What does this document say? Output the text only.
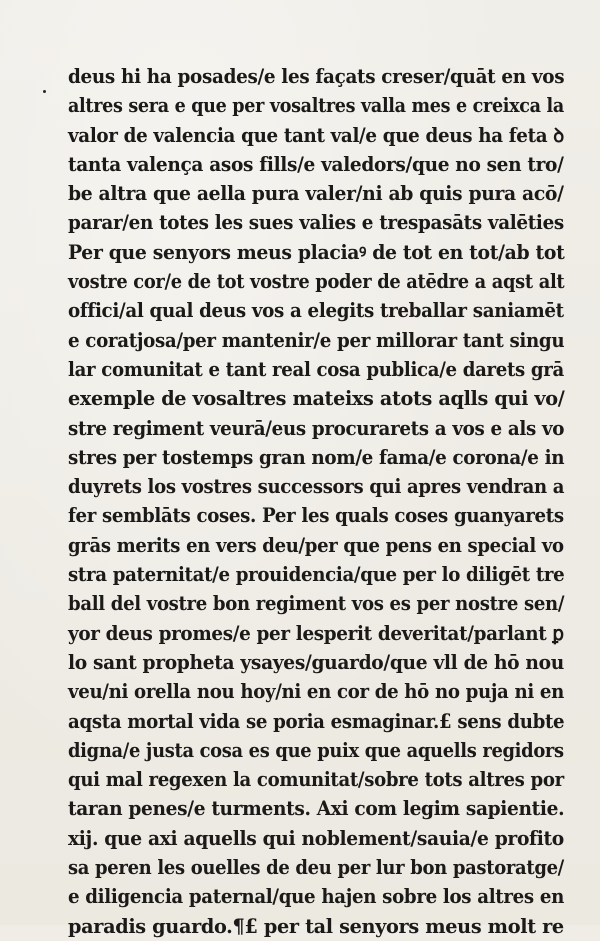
deus hi ha posades/e les façats creser/quāt en vos
altres sera e que per vosaltres valla mes e creixca la
valor de valencia que tant val/e que deus ha feta ꝺ
tanta valença asos fills/e valedors/que no sen tro/
be altra que aella pura valer/ni ab quis pura acō/
parar/en totes les sues valies e trespasāts valēties
Per que senyors meus placiaꝰ de tot en tot/ab tot
vostre cor/e de tot vostre poder de atēdre a aqst alt
offici/al qual deus vos a elegits treballar saniamēt
e coratjosa/per mantenir/e per millorar tant singu
lar comunitat e tant real cosa publica/e darets grā
exemple de vosaltres mateixs atots aqlls qui vo/
stre regiment veurā/eus procurarets a vos e als vo
stres per tostemps gran nom/e fama/e corona/e in
duyrets los vostres successors qui apres vendran a
fer semblāts coses. Per les quals coses guanyarets
grās merits en vers deu/per que pens en special vo
stra paternitat/e prouidencia/que per lo diligēt tre
ball del vostre bon regiment vos es per nostre sen/
yor deus promes/e per lesperit deveritat/parlant ꝑ
lo sant propheta ysayes/guardo/que vll de hō nou
veu/ni orella nou hoy/ni en cor de hō no puja ni en
aqsta mortal vida se poria esmaginar.£ sens dubte
digna/e justa cosa es que puix que aquells regidors
qui mal regexen la comunitat/sobre tots altres por
taran penes/e turments. Axi com legim sapientie.
xij. que axi aquells qui noblement/sauia/e profito
sa peren les ouelles de deu per lur bon pastoratge/
e diligencia paternal/que hajen sobre los altres en
paradis guardo.¶£ per tal senyors meus molt re
